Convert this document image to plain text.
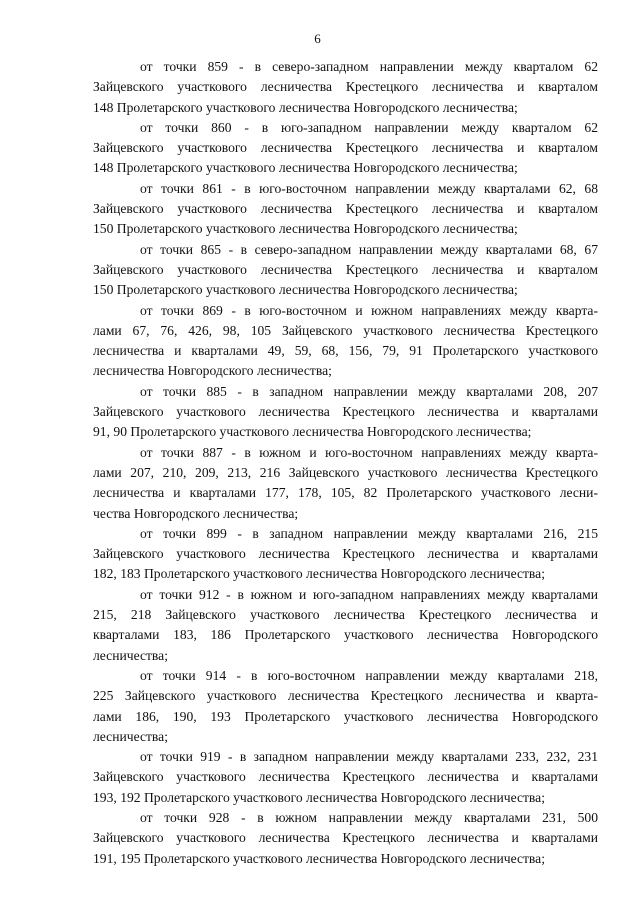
6
от точки 859 - в северо-западном направлении между кварталом 62
Зайцевского участкового лесничества Крестецкого лесничества и кварталом
148 Пролетарского участкового лесничества Новгородского лесничества;
от точки 860 - в юго-западном направлении между кварталом 62
Зайцевского участкового лесничества Крестецкого лесничества и кварталом
148 Пролетарского участкового лесничества Новгородского лесничества;
от точки 861 - в юго-восточном направлении между кварталами 62, 68
Зайцевского участкового лесничества Крестецкого лесничества и кварталом
150 Пролетарского участкового лесничества Новгородского лесничества;
от точки 865 - в северо-западном направлении между кварталами 68, 67
Зайцевского участкового лесничества Крестецкого лесничества и кварталом
150 Пролетарского участкового лесничества Новгородского лесничества;
от точки 869 - в юго-восточном и южном направлениях между кварта-
лами 67, 76, 426, 98, 105 Зайцевского участкового лесничества Крестецкого
лесничества и кварталами 49, 59, 68, 156, 79, 91 Пролетарского участкового
лесничества Новгородского лесничества;
от точки 885 - в западном направлении между кварталами 208, 207
Зайцевского участкового лесничества Крестецкого лесничества и кварталами
91, 90 Пролетарского участкового лесничества Новгородского лесничества;
от точки 887 - в южном и юго-восточном направлениях между кварта-
лами 207, 210, 209, 213, 216 Зайцевского участкового лесничества Крестецкого
лесничества и кварталами 177, 178, 105, 82 Пролетарского участкового лесни-
чества Новгородского лесничества;
от точки 899 - в западном направлении между кварталами 216, 215
Зайцевского участкового лесничества Крестецкого лесничества и кварталами
182, 183 Пролетарского участкового лесничества Новгородского лесничества;
от точки 912 - в южном и юго-западном направлениях между кварталами
215, 218 Зайцевского участкового лесничества Крестецкого лесничества и
кварталами 183, 186 Пролетарского участкового лесничества Новгородского
лесничества;
от точки 914 - в юго-восточном направлении между кварталами 218,
225 Зайцевского участкового лесничества Крестецкого лесничества и кварта-
лами 186, 190, 193 Пролетарского участкового лесничества Новгородского
лесничества;
от точки 919 - в западном направлении между кварталами 233, 232, 231
Зайцевского участкового лесничества Крестецкого лесничества и кварталами
193, 192 Пролетарского участкового лесничества Новгородского лесничества;
от точки 928 - в южном направлении между кварталами 231, 500
Зайцевского участкового лесничества Крестецкого лесничества и кварталами
191, 195 Пролетарского участкового лесничества Новгородского лесничества;
